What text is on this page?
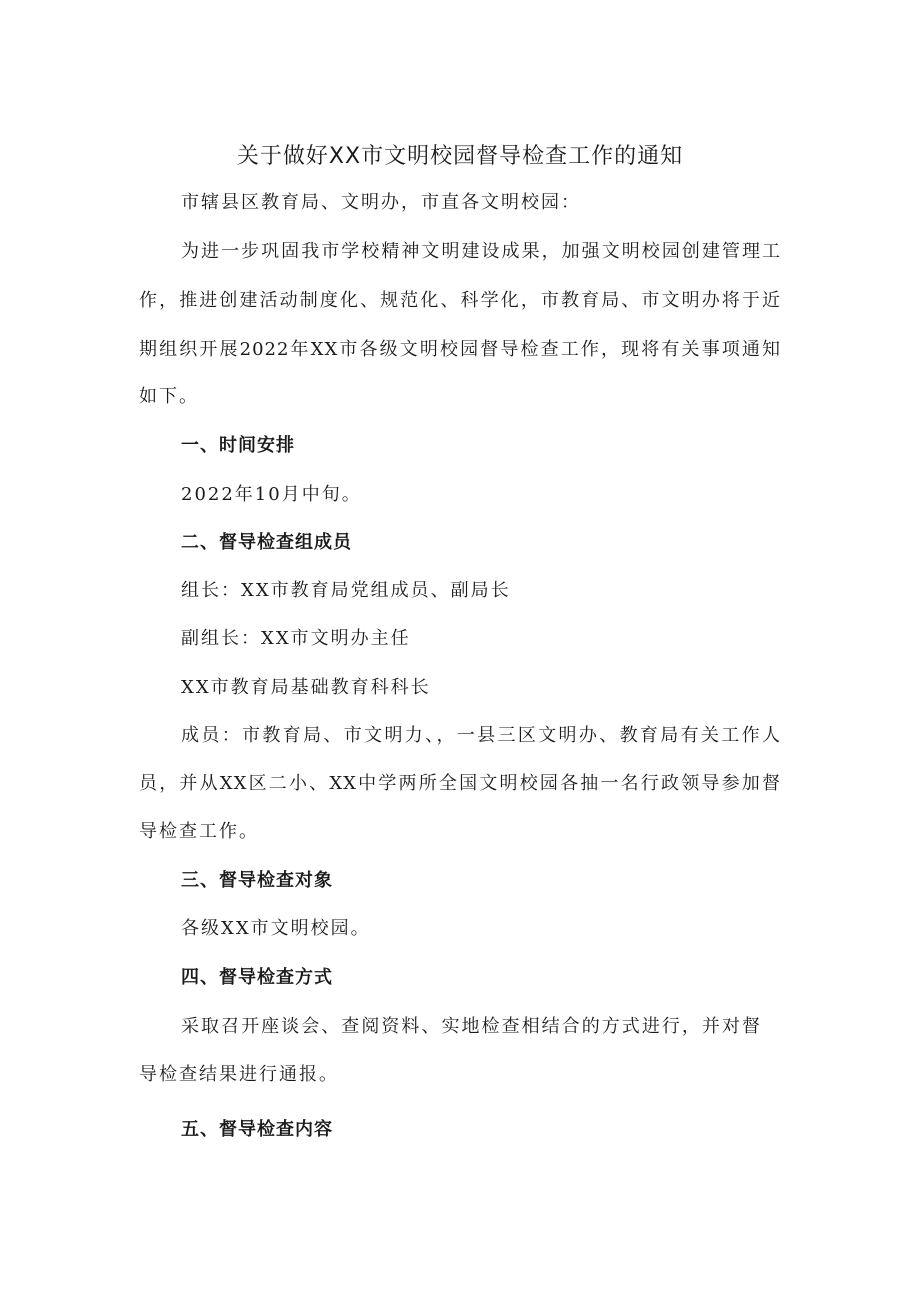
关于做好XX市文明校园督导检查工作的通知
市辖县区教育局、文明办，市直各文明校园：
为进一步巩固我市学校精神文明建设成果，加强文明校园创建管理工
作，推进创建活动制度化、规范化、科学化，市教育局、市文明办将于近
期组织开展2022年XX市各级文明校园督导检查工作，现将有关事项通知
如下。
一、时间安排
2022年10月中旬。
二、督导检查组成员
组长：XX市教育局党组成员、副局长
副组长：XX市文明办主任
XX市教育局基础教育科科长
成员：市教育局、市文明力、，一县三区文明办、教育局有关工作人
员，并从XX区二小、XX中学两所全国文明校园各抽一名行政领导参加督
导检查工作。
三、督导检查对象
各级XX市文明校园。
四、督导检查方式
采取召开座谈会、查阅资料、实地检查相结合的方式进行，并对督
导检查结果进行通报。
五、督导检查内容
